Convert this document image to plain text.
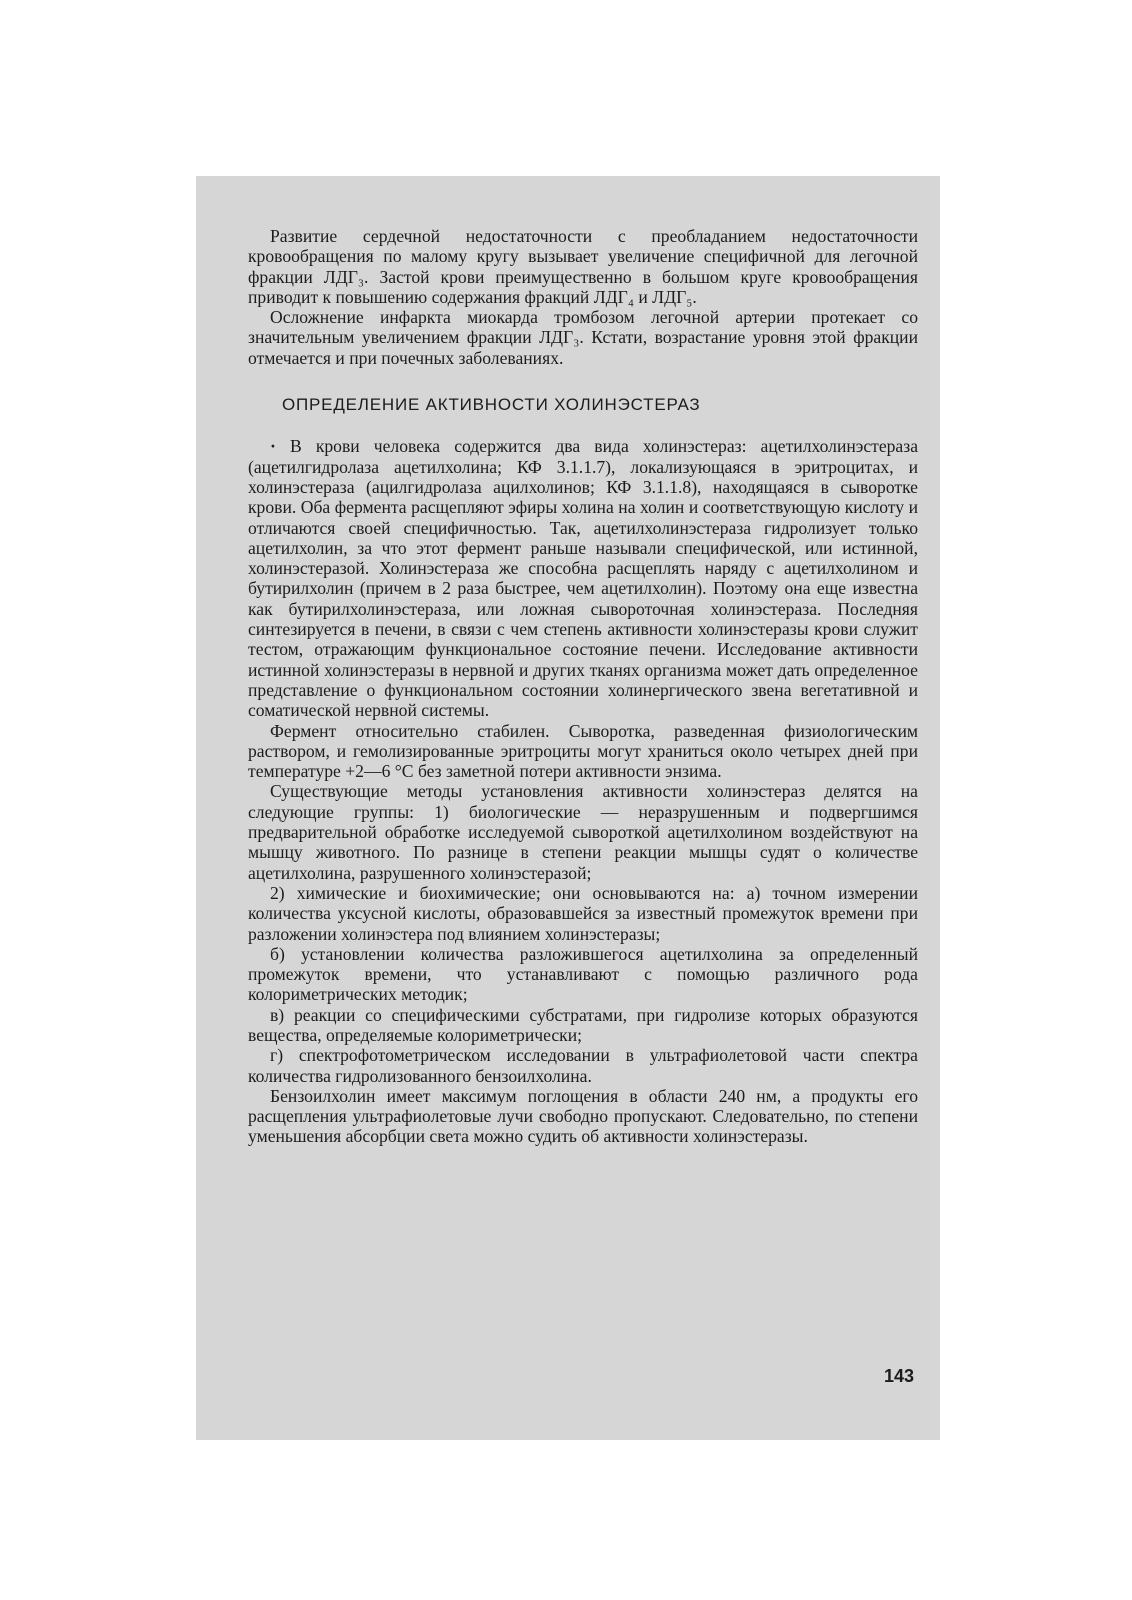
Развитие сердечной недостаточности с преобладанием недостаточности кровообращения по малому кругу вызывает увеличение специфичной для легочной фракции ЛДГ₃. Застой крови преимущественно в большом круге кровообращения приводит к повышению содержания фракций ЛДГ₄ и ЛДГ₅.

Осложнение инфаркта миокарда тромбозом легочной артерии протекает со значительным увеличением фракции ЛДГ₃. Кстати, возрастание уровня этой фракции отмечается и при почечных заболеваниях.

ОПРЕДЕЛЕНИЕ АКТИВНОСТИ ХОЛИНЭСТЕРАЗ

· В крови человека содержится два вида холинэстераз: ацетилхолинэстераза (ацетилгидролаза ацетилхолина; КФ 3.1.1.7), локализующаяся в эритроцитах, и холинэстераза (ацилгидролаза ацилхолинов; КФ 3.1.1.8), находящаяся в сыворотке крови. Оба фермента расщепляют эфиры холина на холин и соответствующую кислоту и отличаются своей специфичностью. Так, ацетилхолинэстераза гидролизует только ацетилхолин, за что этот фермент раньше называли специфической, или истинной, холинэстеразой. Холинэстераза же способна расщеплять наряду с ацетилхолином и бутирилхолин (причем в 2 раза быстрее, чем ацетилхолин). Поэтому она еще известна как бутирилхолинэстераза, или ложная сывороточная холинэстераза. Последняя синтезируется в печени, в связи с чем степень активности холинэстеразы крови служит тестом, отражающим функциональное состояние печени. Исследование активности истинной холинэстеразы в нервной и других тканях организма может дать определенное представление о функциональном состоянии холинергического звена вегетативной и соматической нервной системы.

Фермент относительно стабилен. Сыворотка, разведенная физиологическим раствором, и гемолизированные эритроциты могут храниться около четырех дней при температуре +2—6 °С без заметной потери активности энзима.

Существующие методы установления активности холинэстераз делятся на следующие группы: 1) биологические — неразрушенным и подвергшимся предварительной обработке исследуемой сывороткой ацетилхолином воздействуют на мышцу животного. По разнице в степени реакции мышцы судят о количестве ацетилхолина, разрушенного холинэстеразой;

2) химические и биохимические; они основываются на: а) точном измерении количества уксусной кислоты, образовавшейся за известный промежуток времени при разложении холинэстера под влиянием холинэстеразы;

б) установлении количества разложившегося ацетилхолина за определенный промежуток времени, что устанавливают с помощью различного рода колориметрических методик;

в) реакции со специфическими субстратами, при гидролизе которых образуются вещества, определяемые колориметрически;

г) спектрофотометрическом исследовании в ультрафиолетовой части спектра количества гидролизованного бензоилхолина.

Бензоилхолин имеет максимум поглощения в области 240 нм, а продукты его расщепления ультрафиолетовые лучи свободно пропускают. Следовательно, по степени уменьшения абсорбции света можно судить об активности холинэстеразы.

143
